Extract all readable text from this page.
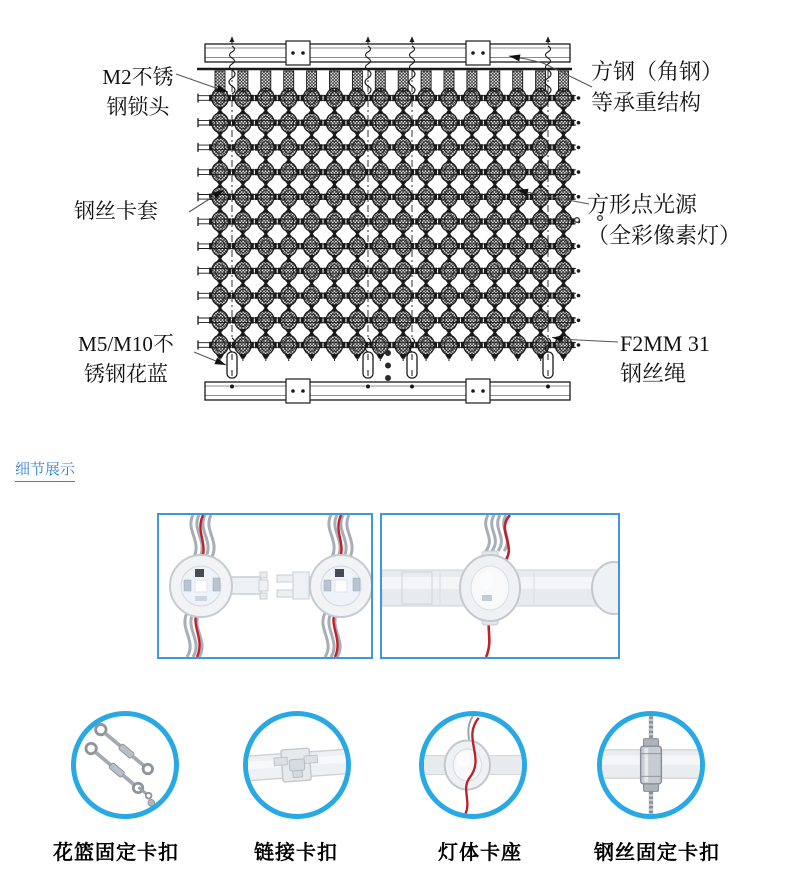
M2不锈
钢锁头
钢丝卡套
M5/M10不
锈钢花蓝
方钢（角钢）
等承重结构
方形点光源
（全彩像素灯）
F2MM 31
钢丝绳
细节展示
花篮固定卡扣	链接卡扣	灯体卡座	钢丝固定卡扣
